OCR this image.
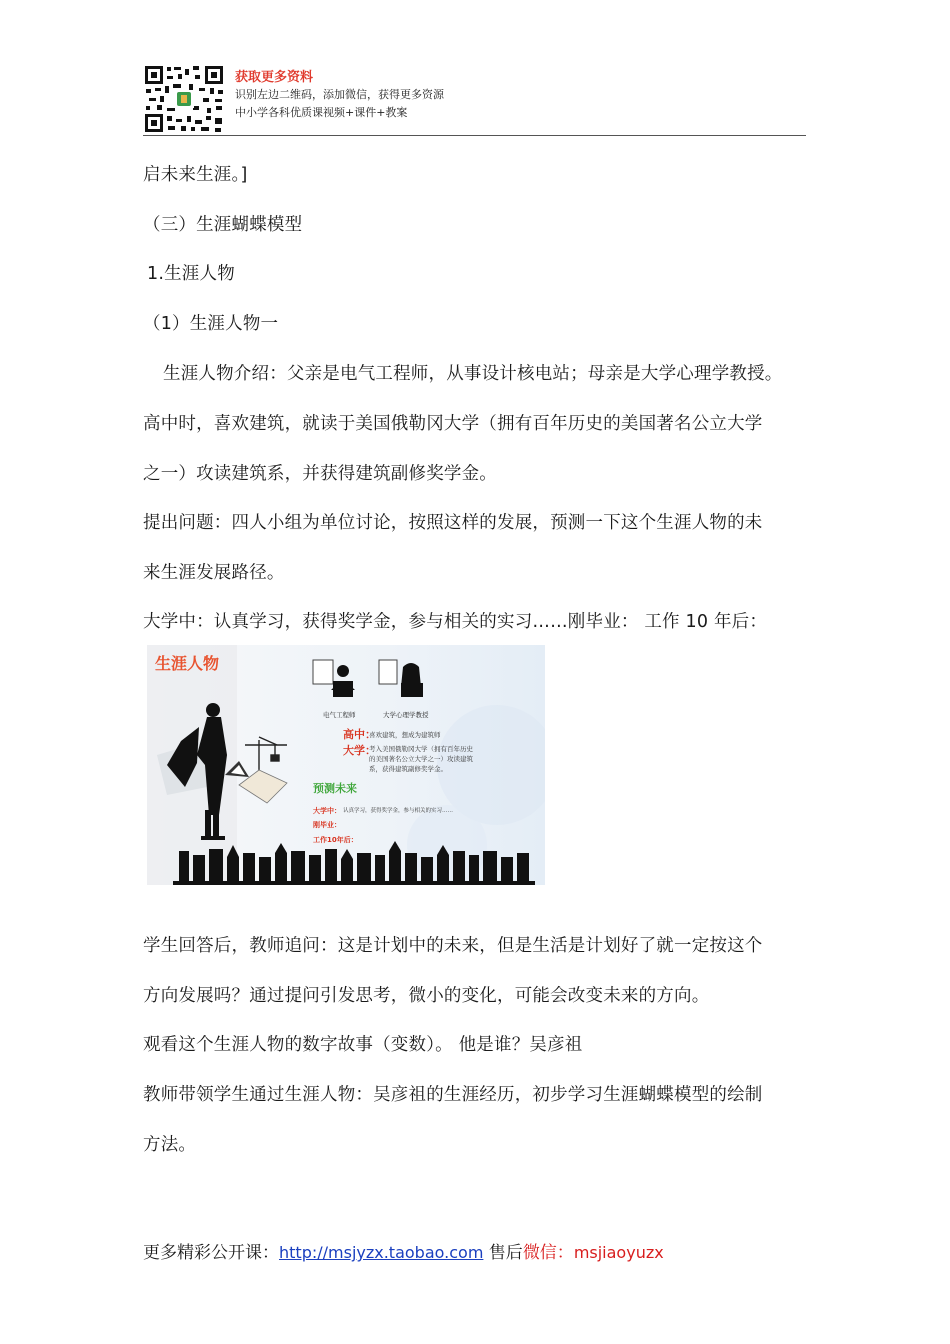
获取更多资料
识别左边二维码，添加微信，获得更多资源
中小学各科优质课视频+课件+教案
启未来生涯。]
（三）生涯蝴蝶模型
1.生涯人物
（1）生涯人物一
生涯人物介绍：父亲是电气工程师，从事设计核电站；母亲是大学心理学教授。
高中时，喜欢建筑，就读于美国俄勒冈大学（拥有百年历史的美国著名公立大学
之一）攻读建筑系，并获得建筑副修奖学金。
提出问题：四人小组为单位讨论，按照这样的发展，预测一下这个生涯人物的未
来生涯发展路径。
大学中：认真学习，获得奖学金，参与相关的实习……刚毕业： 工作 10 年后：
生涯人物
电气工程师	大学心理学教授
高中：
喜欢建筑，想成为建筑师
大学：
考入美国俄勒冈大学（拥有百年历史
的美国著名公立大学之一）攻读建筑
系，获得建筑副修奖学金。
预测未来
大学中： 认真学习，获得奖学金，参与相关的实习……
刚毕业：
工作10年后：
学生回答后，教师追问：这是计划中的未来，但是生活是计划好了就一定按这个
方向发展吗？通过提问引发思考，微小的变化，可能会改变未来的方向。
观看这个生涯人物的数字故事（变数）。 他是谁？吴彦祖
教师带领学生通过生涯人物：吴彦祖的生涯经历，初步学习生涯蝴蝶模型的绘制
方法。
更多精彩公开课：http://msjyzx.taobao.com 售后微信：msjiaoyuzx
